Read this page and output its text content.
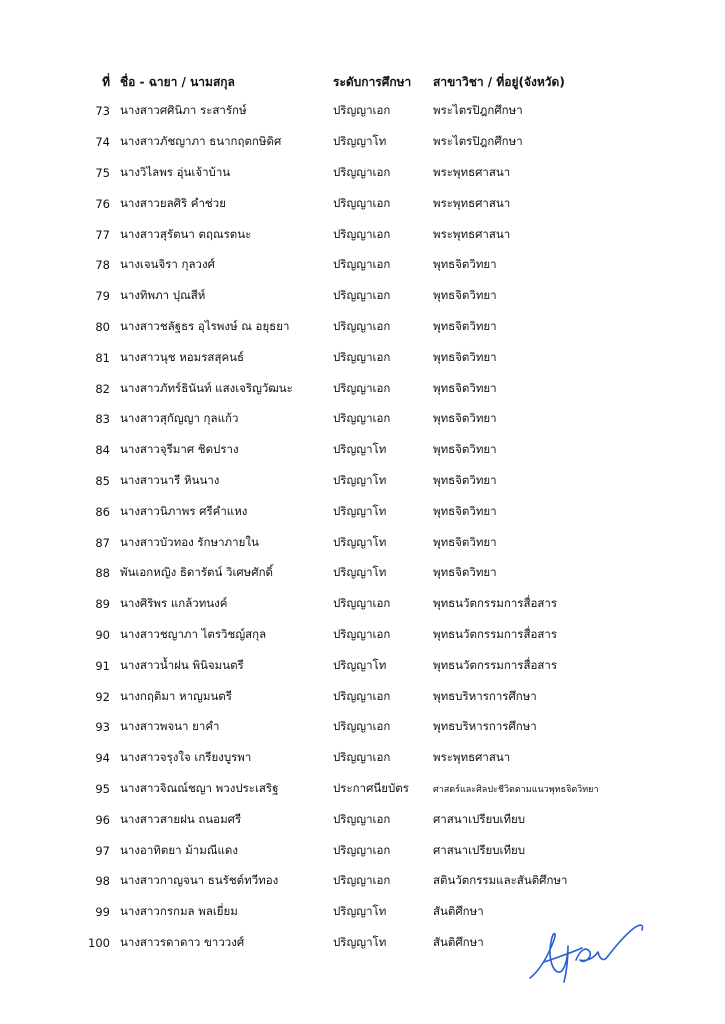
ที่	ชื่อ - ฉายา / นามสกุล	ระดับการศึกษา	สาขาวิชา / ที่อยู่(จังหวัด)
73	นางสาวศศินิภา ระสารักษ์	ปริญญาเอก	พระไตรปิฎกศึกษา
74	นางสาวภัชญาภา ธนากฤตกษิดิศ	ปริญญาโท	พระไตรปิฎกศึกษา
75	นางวิไลพร อุ่นเจ้าบ้าน	ปริญญาเอก	พระพุทธศาสนา
76	นางสาวยลศิริ คำช่วย	ปริญญาเอก	พระพุทธศาสนา
77	นางสาวสุรัตนา ตฤณรตนะ	ปริญญาเอก	พระพุทธศาสนา
78	นางเจนจิรา กุลวงศ์	ปริญญาเอก	พุทธจิตวิทยา
79	นางทิพภา ปุณสีห์	ปริญญาเอก	พุทธจิตวิทยา
80	นางสาวชลัฐธร อุไรพงษ์ ณ อยุธยา	ปริญญาเอก	พุทธจิตวิทยา
81	นางสาวนุช หอมรสสุคนธ์	ปริญญาเอก	พุทธจิตวิทยา
82	นางสาวภัทร์ธินันท์ แสงเจริญวัฒนะ	ปริญญาเอก	พุทธจิตวิทยา
83	นางสาวสุกัญญา กุลแก้ว	ปริญญาเอก	พุทธจิตวิทยา
84	นางสาวจุรีมาศ ชิดปราง	ปริญญาโท	พุทธจิตวิทยา
85	นางสาวนารี หินนาง	ปริญญาโท	พุทธจิตวิทยา
86	นางสาวนิภาพร ศรีคำแหง	ปริญญาโท	พุทธจิตวิทยา
87	นางสาวบัวทอง รักษาภายใน	ปริญญาโท	พุทธจิตวิทยา
88	พันเอกหญิง ธิดารัตน์ วิเศษศักดิ์	ปริญญาโท	พุทธจิตวิทยา
89	นางศิริพร แกล้วทนงค์	ปริญญาเอก	พุทธนวัตกรรมการสื่อสาร
90	นางสาวชญาภา ไตรวิชญ์สกุล	ปริญญาเอก	พุทธนวัตกรรมการสื่อสาร
91	นางสาวน้ำฝน พินิจมนตรี	ปริญญาโท	พุทธนวัตกรรมการสื่อสาร
92	นางกฤติมา หาญมนตรี	ปริญญาเอก	พุทธบริหารการศึกษา
93	นางสาวพจนา ยาคำ	ปริญญาเอก	พุทธบริหารการศึกษา
94	นางสาวจรุงใจ เกรียงบูรพา	ปริญญาเอก	พระพุทธศาสนา
95	นางสาวจิณณ์ชญา พวงประเสริฐ	ประกาศนียบัตร	ศาสตร์และศิลปะชีวิตตามแนวพุทธจิตวิทยา
96	นางสาวสายฝน ถนอมศรี	ปริญญาเอก	ศาสนาเปรียบเทียบ
97	นางอาทิตยา ม้ามณีแดง	ปริญญาเอก	ศาสนาเปรียบเทียบ
98	นางสาวกาญจนา ธนรัชต์ทวีทอง	ปริญญาเอก	สตินวัตกรรมและสันติศึกษา
99	นางสาวกรกมล พลเยี่ยม	ปริญญาโท	สันติศึกษา
100	นางสาวรดาดาว ขาววงศ์	ปริญญาโท	สันติศึกษา
